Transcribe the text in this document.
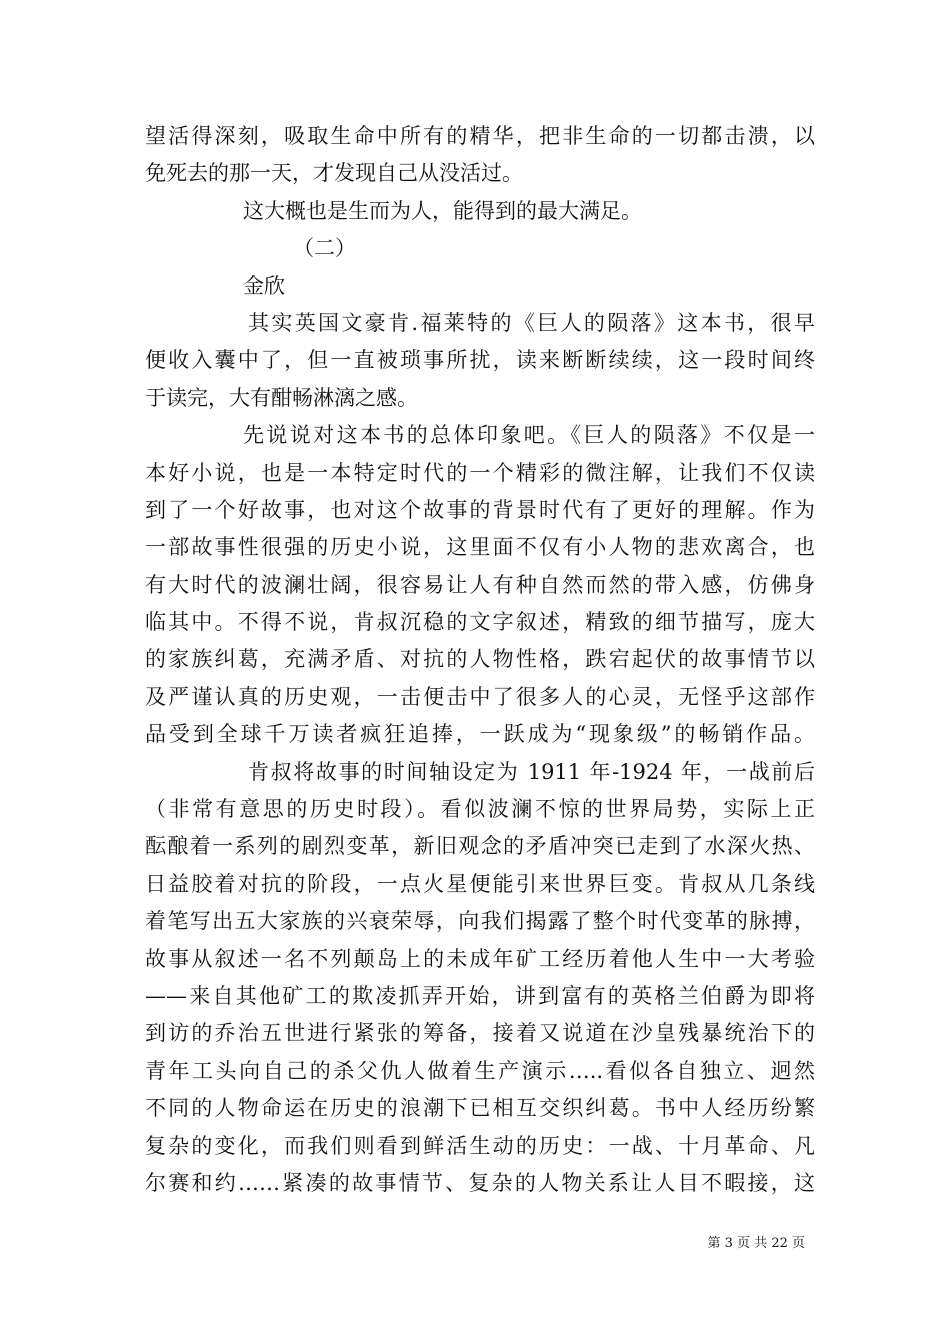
望活得深刻，吸取生命中所有的精华，把非生命的一切都击溃，以
免死去的那一天，才发现自己从没活过。
这大概也是生而为人，能得到的最大满足。
（二）
金欣
其实英国文豪肯.福莱特的《巨人的陨落》这本书，很早
便收入囊中了，但一直被琐事所扰，读来断断续续，这一段时间终
于读完，大有酣畅淋漓之感。
先说说对这本书的总体印象吧。《巨人的陨落》不仅是一
本好小说，也是一本特定时代的一个精彩的微注解，让我们不仅读
到了一个好故事，也对这个故事的背景时代有了更好的理解。作为
一部故事性很强的历史小说，这里面不仅有小人物的悲欢离合，也
有大时代的波澜壮阔，很容易让人有种自然而然的带入感，仿佛身
临其中。不得不说，肯叔沉稳的文字叙述，精致的细节描写，庞大
的家族纠葛，充满矛盾、对抗的人物性格，跌宕起伏的故事情节以
及严谨认真的历史观，一击便击中了很多人的心灵，无怪乎这部作
品受到全球千万读者疯狂追捧，一跃成为“现象级”的畅销作品。
肯叔将故事的时间轴设定为 1911 年-1924 年，一战前后
（非常有意思的历史时段）。看似波澜不惊的世界局势，实际上正
酝酿着一系列的剧烈变革，新旧观念的矛盾冲突已走到了水深火热、
日益胶着对抗的阶段，一点火星便能引来世界巨变。肯叔从几条线
着笔写出五大家族的兴衰荣辱，向我们揭露了整个时代变革的脉搏，
故事从叙述一名不列颠岛上的未成年矿工经历着他人生中一大考验
——来自其他矿工的欺凌抓弄开始，讲到富有的英格兰伯爵为即将
到访的乔治五世进行紧张的筹备，接着又说道在沙皇残暴统治下的
青年工头向自己的杀父仇人做着生产演示…..看似各自独立、迥然
不同的人物命运在历史的浪潮下已相互交织纠葛。书中人经历纷繁
复杂的变化，而我们则看到鲜活生动的历史：一战、十月革命、凡
尔赛和约……紧凑的故事情节、复杂的人物关系让人目不暇接，这
第 3 页 共 22 页
